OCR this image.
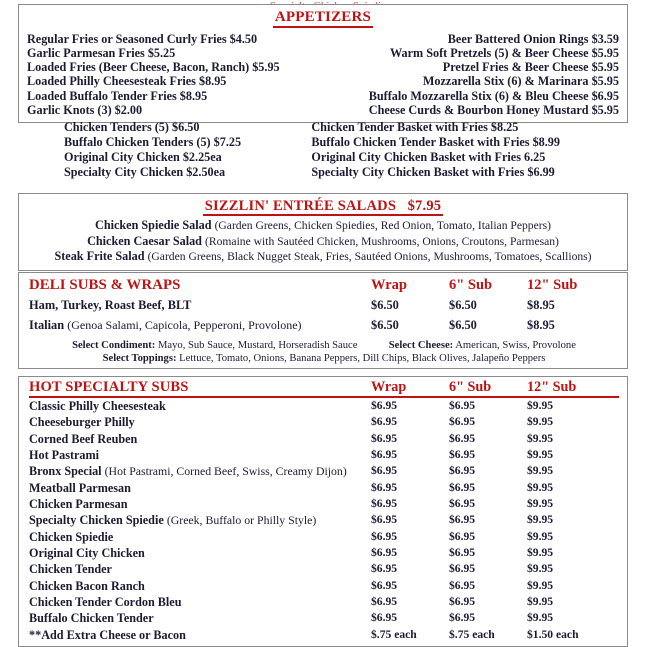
APPETIZERS
Regular Fries or Seasoned Curly Fries $4.50
Garlic Parmesan Fries $5.25
Loaded Fries (Beer Cheese, Bacon, Ranch) $5.95
Loaded Philly Cheesesteak Fries $8.95
Loaded Buffalo Tender Fries $8.95
Garlic Knots (3) $2.00
Beer Battered Onion Rings $3.59
Warm Soft Pretzels (5) & Beer Cheese $5.95
Pretzel Fries & Beer Cheese $5.95
Mozzarella Stix (6) & Marinara $5.95
Buffalo Mozzarella Stix (6) & Bleu Cheese $6.95
Cheese Curds & Bourbon Honey Mustard $5.95
Chicken Tenders (5) $6.50
Buffalo Chicken Tenders (5) $7.25
Original City Chicken $2.25ea
Specialty City Chicken $2.50ea
Chicken Tender Basket with Fries $8.25
Buffalo Chicken Tender Basket with Fries $8.99
Original City Chicken Basket with Fries 6.25
Specialty City Chicken Basket with Fries $6.99
SIZZLIN' ENTRÉE SALADS $7.95
Chicken Spiedie Salad (Garden Greens, Chicken Spiedies, Red Onion, Tomato, Italian Peppers)
Chicken Caesar Salad (Romaine with Sautéed Chicken, Mushrooms, Onions, Croutons, Parmesan)
Steak Frite Salad (Garden Greens, Black Nugget Steak, Fries, Sautéed Onions, Mushrooms, Tomatoes, Scallions)
DELI SUBS & WRAPS	Wrap	6" Sub	12" Sub
Ham, Turkey, Roast Beef, BLT	$6.50	$6.50	$8.95
Italian (Genoa Salami, Capicola, Pepperoni, Provolone)	$6.50	$6.50	$8.95
Select Condiment: Mayo, Sub Sauce, Mustard, Horseradish Sauce	Select Cheese: American, Swiss, Provolone
Select Toppings: Lettuce, Tomato, Onions, Banana Peppers, Dill Chips, Black Olives, Jalapeño Peppers
HOT SPECIALTY SUBS	Wrap	6" Sub	12" Sub
Classic Philly Cheesesteak	$6.95	$6.95	$9.95
Cheeseburger Philly	$6.95	$6.95	$9.95
Corned Beef Reuben	$6.95	$6.95	$9.95
Hot Pastrami	$6.95	$6.95	$9.95
Bronx Special (Hot Pastrami, Corned Beef, Swiss, Creamy Dijon)	$6.95	$6.95	$9.95
Meatball Parmesan	$6.95	$6.95	$9.95
Chicken Parmesan	$6.95	$6.95	$9.95
Specialty Chicken Spiedie (Greek, Buffalo or Philly Style)	$6.95	$6.95	$9.95
Chicken Spiedie	$6.95	$6.95	$9.95
Original City Chicken	$6.95	$6.95	$9.95
Chicken Tender	$6.95	$6.95	$9.95
Chicken Bacon Ranch	$6.95	$6.95	$9.95
Chicken Tender Cordon Bleu	$6.95	$6.95	$9.95
Buffalo Chicken Tender	$6.95	$6.95	$9.95
**Add Extra Cheese or Bacon	$.75 each	$.75 each	$1.50 each
